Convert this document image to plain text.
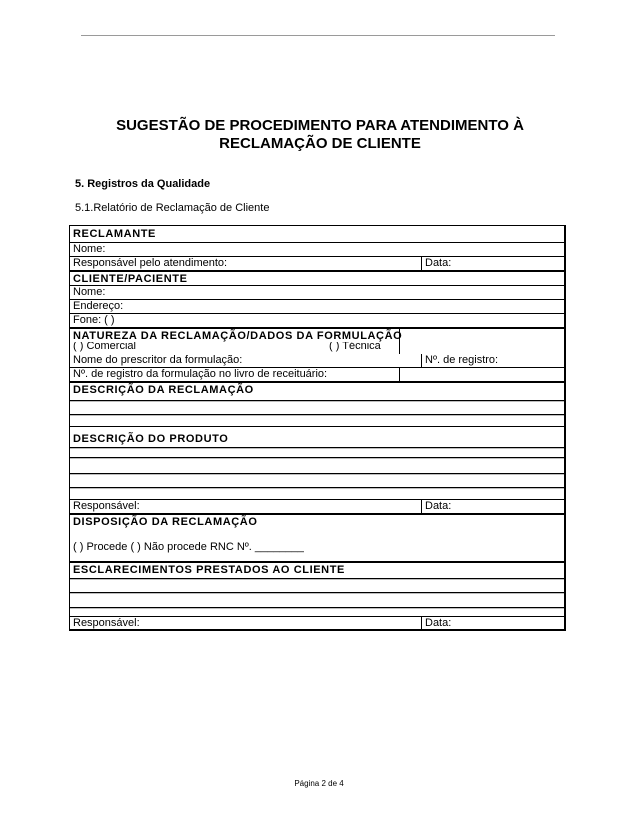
SUGESTÃO DE PROCEDIMENTO PARA ATENDIMENTO À
RECLAMAÇÃO DE CLIENTE
5. Registros da Qualidade
5.1.Relatório de Reclamação de Cliente
RECLAMANTE
Nome:
Responsável pelo atendimento:	Data:
CLIENTE/PACIENTE
Nome:
Endereço:
Fone: ( )
NATUREZA DA RECLAMAÇÃO/DADOS DA FORMULAÇÃO
( ) Comercial	( ) Técnica
Nome do prescritor da formulação:	Nº. de registro:
Nº. de registro da formulação no livro de receituário:
DESCRIÇÃO DA RECLAMAÇÃO
DESCRIÇÃO DO PRODUTO
Responsável:	Data:
DISPOSIÇÃO DA RECLAMAÇÃO
( ) Procede ( ) Não procede RNC Nº. ________
ESCLARECIMENTOS PRESTADOS AO CLIENTE
Responsável:	Data:
Página 2 de 4
